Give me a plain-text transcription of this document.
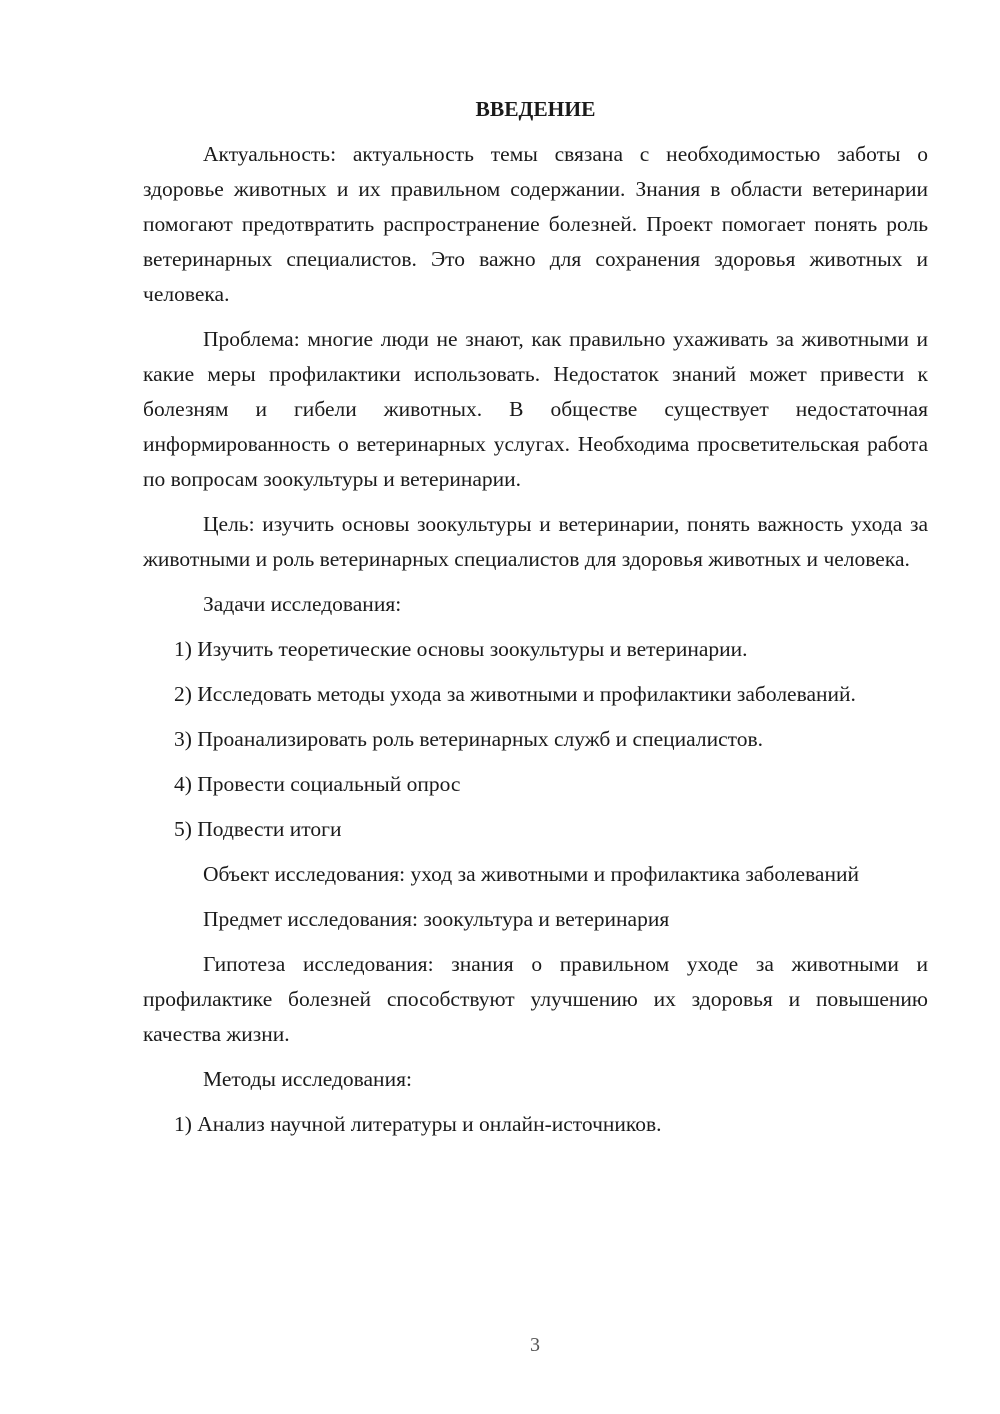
ВВЕДЕНИЕ

Актуальность: актуальность темы связана с необходимостью заботы о здоровье животных и их правильном содержании. Знания в области ветеринарии помогают предотвратить распространение болезней. Проект помогает понять роль ветеринарных специалистов. Это важно для сохранения здоровья животных и человека.

Проблема: многие люди не знают, как правильно ухаживать за животными и какие меры профилактики использовать. Недостаток знаний может привести к болезням и гибели животных. В обществе существует недостаточная информированность о ветеринарных услугах. Необходима просветительская работа по вопросам зоокультуры и ветеринарии.

Цель: изучить основы зоокультуры и ветеринарии, понять важность ухода за животными и роль ветеринарных специалистов для здоровья животных и человека.

Задачи исследования:

1) Изучить теоретические основы зоокультуры и ветеринарии.

2) Исследовать методы ухода за животными и профилактики заболеваний.

3) Проанализировать роль ветеринарных служб и специалистов.

4) Провести социальный опрос

5) Подвести итоги

Объект исследования: уход за животными и профилактика заболеваний

Предмет исследования: зоокультура и ветеринария

Гипотеза исследования: знания о правильном уходе за животными и профилактике болезней способствуют улучшению их здоровья и повышению качества жизни.

Методы исследования:

1) Анализ научной литературы и онлайн-источников.

3
